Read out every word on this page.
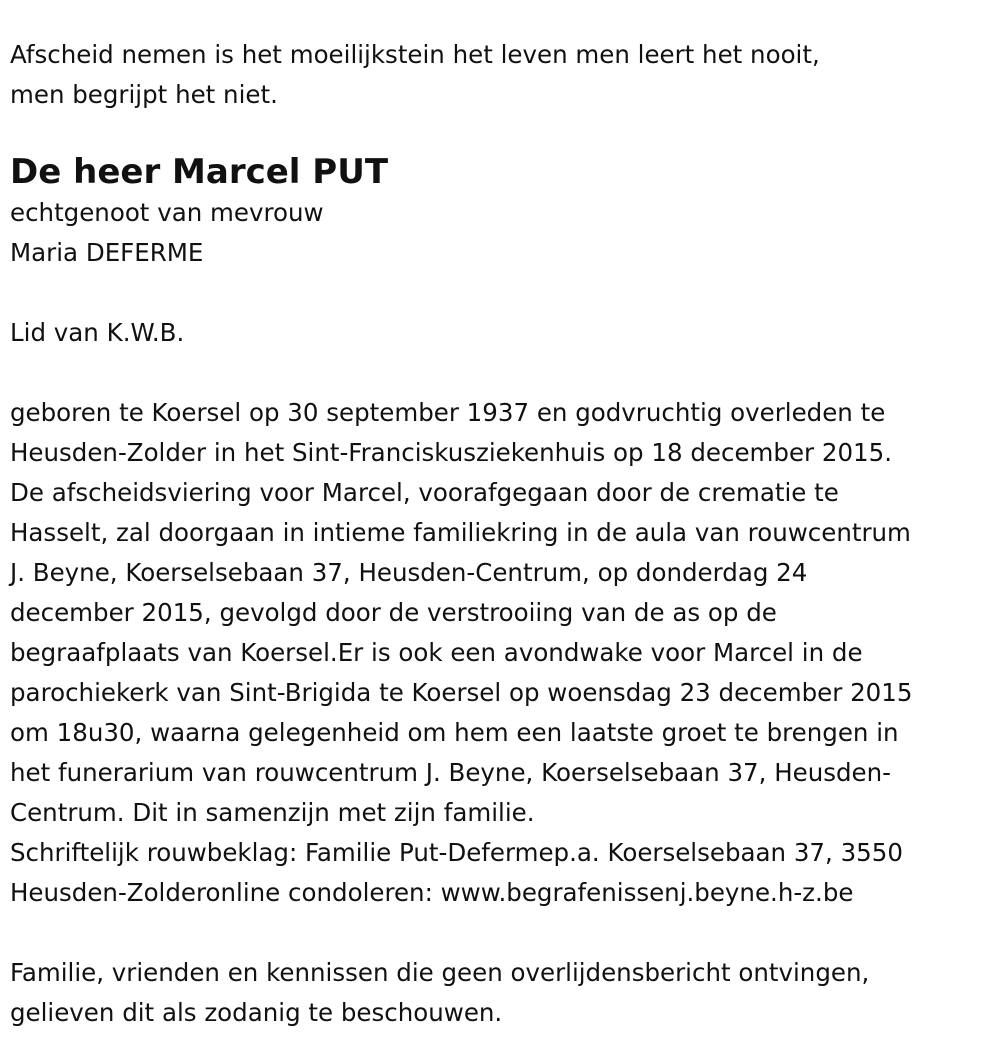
Afscheid nemen is het moeilijkstein het leven men leert het nooit,
men begrijpt het niet.
De heer Marcel PUT
echtgenoot van mevrouw
Maria DEFERME
Lid van K.W.B.
geboren te Koersel op 30 september 1937 en godvruchtig overleden te
Heusden-Zolder in het Sint-Franciskusziekenhuis op 18 december 2015.
De afscheidsviering voor Marcel, voorafgegaan door de crematie te
Hasselt, zal doorgaan in intieme familiekring in de aula van rouwcentrum
J. Beyne, Koerselsebaan 37, Heusden-Centrum, op donderdag 24
december 2015, gevolgd door de verstrooiing van de as op de
begraafplaats van Koersel.Er is ook een avondwake voor Marcel in de
parochiekerk van Sint-Brigida te Koersel op woensdag 23 december 2015
om 18u30, waarna gelegenheid om hem een laatste groet te brengen in
het funerarium van rouwcentrum J. Beyne, Koerselsebaan 37, Heusden-
Centrum. Dit in samenzijn met zijn familie.
Schriftelijk rouwbeklag: Familie Put-Defermep.a. Koerselsebaan 37, 3550
Heusden-Zolderonline condoleren: www.begrafenissenj.beyne.h-z.be
Familie, vrienden en kennissen die geen overlijdensbericht ontvingen,
gelieven dit als zodanig te beschouwen.
